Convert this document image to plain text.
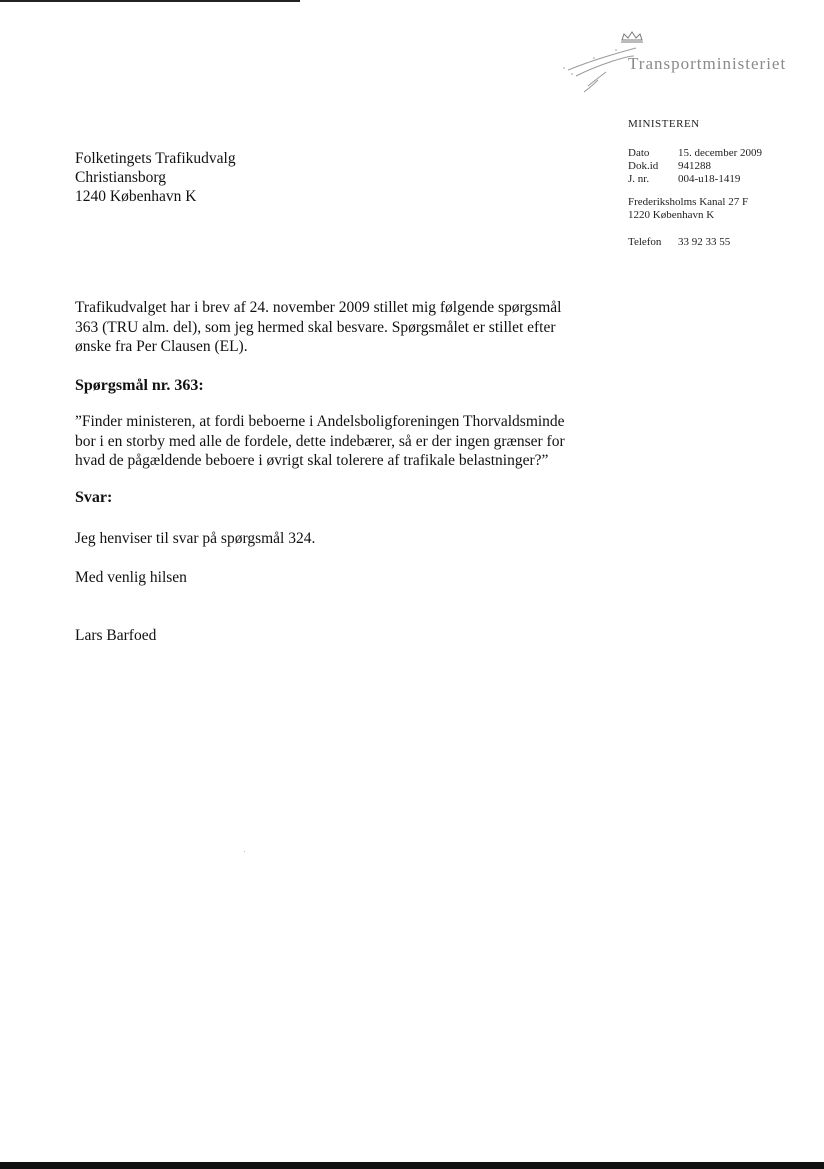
Transportministeriet
MINISTEREN
Dato	15. december 2009
Dok.id	941288
J. nr.	004-u18-1419
Frederiksholms Kanal 27 F
1220 København K
Telefon	33 92 33 55
Folketingets Trafikudvalg
Christiansborg
1240 København K
Trafikudvalget har i brev af 24. november 2009 stillet mig følgende spørgsmål
363 (TRU alm. del), som jeg hermed skal besvare. Spørgsmålet er stillet efter
ønske fra Per Clausen (EL).
Spørgsmål nr. 363:
”Finder ministeren, at fordi beboerne i Andelsboligforeningen Thorvaldsminde
bor i en storby med alle de fordele, dette indebærer, så er der ingen grænser for
hvad de pågældende beboere i øvrigt skal tolerere af trafikale belastninger?”
Svar:
Jeg henviser til svar på spørgsmål 324.
Med venlig hilsen
Lars Barfoed
